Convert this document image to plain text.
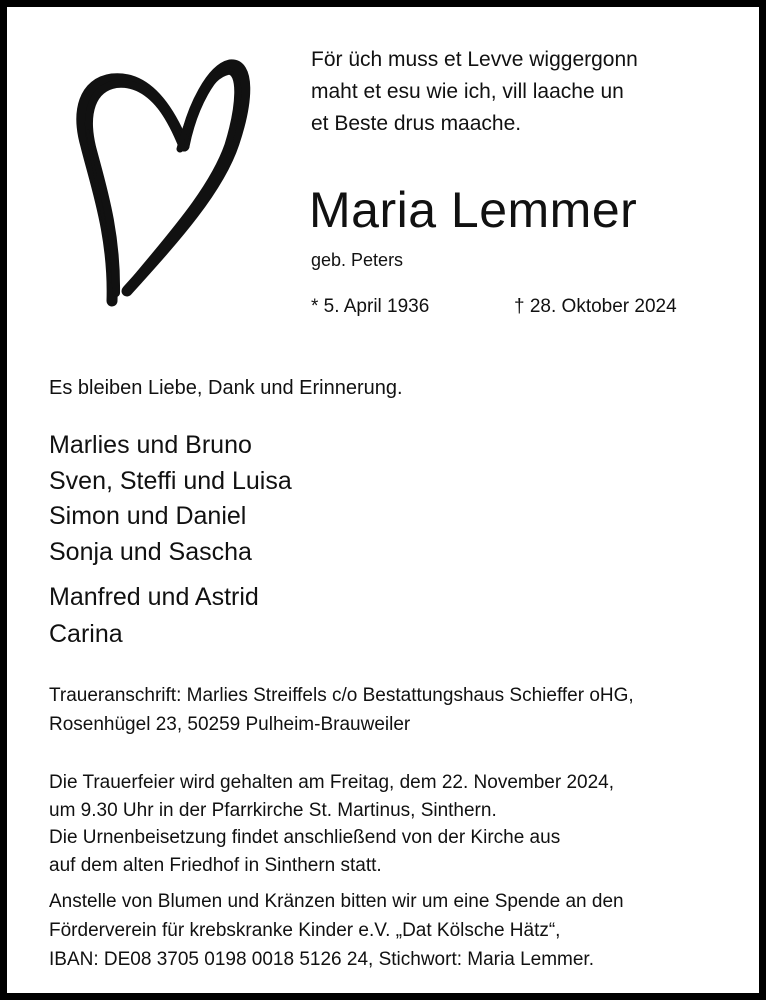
För üch muss et Levve wiggergonn
maht et esu wie ich, vill laache un
et Beste drus maache.
Maria Lemmer
geb. Peters
* 5. April 1936	† 28. Oktober 2024
Es bleiben Liebe, Dank und Erinnerung.
Marlies und Bruno
Sven, Steffi und Luisa
Simon und Daniel
Sonja und Sascha
Manfred und Astrid
Carina
Traueranschrift: Marlies Streiffels c/o Bestattungshaus Schieffer oHG,
Rosenhügel 23, 50259 Pulheim-Brauweiler
Die Trauerfeier wird gehalten am Freitag, dem 22. November 2024,
um 9.30 Uhr in der Pfarrkirche St. Martinus, Sinthern.
Die Urnenbeisetzung findet anschließend von der Kirche aus
auf dem alten Friedhof in Sinthern statt.
Anstelle von Blumen und Kränzen bitten wir um eine Spende an den
Förderverein für krebskranke Kinder e.V. „Dat Kölsche Hätz“,
IBAN: DE08 3705 0198 0018 5126 24, Stichwort: Maria Lemmer.
